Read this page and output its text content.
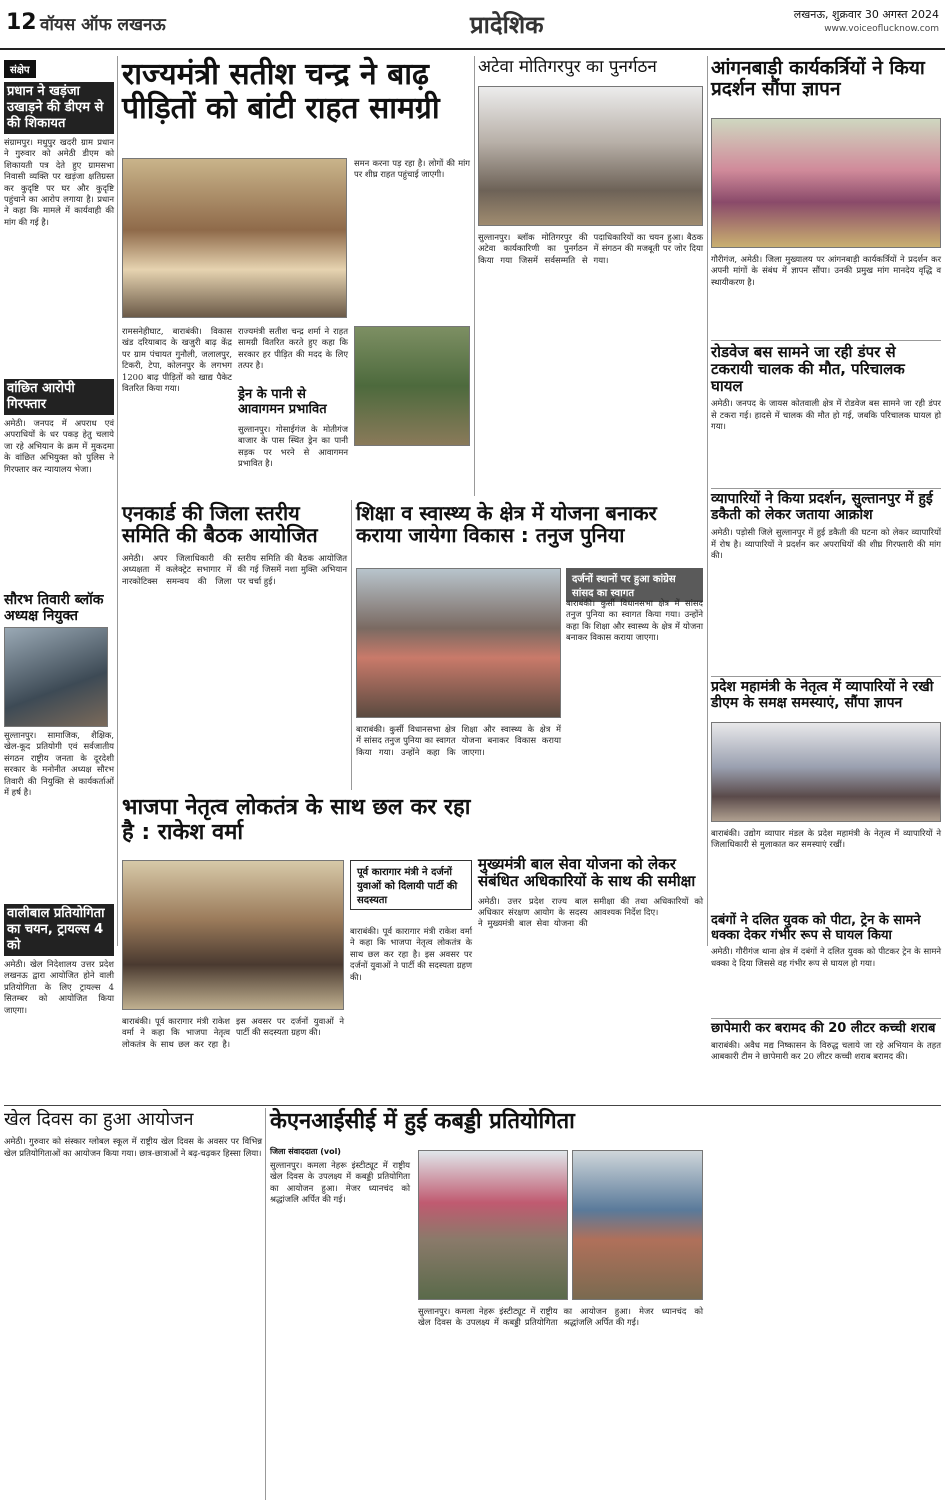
12 वॉयस ऑफ लखनऊ	प्रादेशिक	लखनऊ, शुक्रवार 30 अगस्त 2024
www.voiceoflucknow.com
संक्षेप
प्रधान ने खड़ंजा उखाड़ने की डीएम से की शिकायत
संग्रामपुर। मधुपुर खदरी ग्राम प्रधान ने गुरुवार को अमेठी डीएम को शिकायती पत्र देते हुए ग्रामसभा निवासी व्यक्ति पर खड़ंजा क्षतिग्रस्त कर कुदृष्टि पर घर और कुदृष्टि पहुंचाने का आरोप लगाया है। प्रधान ने कहा कि मामले में कार्यवाही की मांग की गई है।
वांछित आरोपी गिरफ्तार
अमेठी। जनपद में अपराध एवं अपराधियों के धर पकड़ हेतु चलाये जा रहे अभियान के क्रम में मुकदमा के वांछित अभियुक्त को पुलिस ने गिरफ्तार कर न्यायालय भेजा।
सौरभ तिवारी ब्लॉक अध्यक्ष नियुक्त
सुल्तानपुर। सामाजिक, शैक्षिक, खेल-कूद प्रतियोगी एवं सर्वजातीय संगठन राष्ट्रीय जनता के दूरदेशी सरकार के मनोनीत अध्यक्ष सौरभ तिवारी की नियुक्ति से कार्यकर्ताओं में हर्ष है।
वालीबाल प्रतियोगिता का चयन, ट्रायल्स 4 को
अमेठी। खेल निदेशालय उत्तर प्रदेश लखनऊ द्वारा आयोजित होने वाली प्रतियोगिता के लिए ट्रायल्स 4 सितम्बर को आयोजित किया जाएगा।
राज्यमंत्री सतीश चन्द्र ने बाढ़ पीड़ितों को बांटी राहत सामग्री
समन करना पड़ रहा है। लोगों की मांग पर शीघ्र राहत पहुंचाई जाएगी।
रामसनेहीघाट, बाराबंकी। विकास खंड दरियाबाद के खजुरी बाढ़ केंद्र पर ग्राम पंचायत गुनौली, जलालपुर, टिकरी, टेपा, कोलनपुर के लगभग 1200 बाढ़ पीड़ितों को खाद्य पैकेट वितरित किया गया।
राज्यमंत्री सतीश चन्द्र शर्मा ने राहत सामग्री वितरित करते हुए कहा कि सरकार हर पीड़ित की मदद के लिए तत्पर है।
ड्रेन के पानी से आवागमन प्रभावित
सुल्तानपुर। गोसाईगंज के मोतीगंज बाजार के पास स्थित ड्रेन का पानी सड़क पर भरने से आवागमन प्रभावित है।
अटेवा मोतिगरपुर का पुनर्गठन
सुल्तानपुर। ब्लॉक मोतिगरपुर की अटेवा कार्यकारिणी का पुनर्गठन किया गया जिसमें सर्वसम्मति से पदाधिकारियों का चयन हुआ। बैठक में संगठन की मजबूती पर जोर दिया गया।
आंगनबाड़ी कार्यकर्त्रियों ने किया प्रदर्शन सौंपा ज्ञापन
गौरीगंज, अमेठी। जिला मुख्यालय पर आंगनबाड़ी कार्यकर्त्रियों ने प्रदर्शन कर अपनी मांगों के संबंध में ज्ञापन सौंपा। उनकी प्रमुख मांग मानदेय वृद्धि व स्थायीकरण है।
रोडवेज बस सामने जा रही डंपर से टकरायी चालक की मौत, परिचालक घायल
अमेठी। जनपद के जायस कोतवाली क्षेत्र में रोडवेज बस सामने जा रही डंपर से टकरा गई। हादसे में चालक की मौत हो गई, जबकि परिचालक घायल हो गया।
व्यापारियों ने किया प्रदर्शन, सुल्तानपुर में हुई डकैती को लेकर जताया आक्रोश
अमेठी। पड़ोसी जिले सुल्तानपुर में हुई डकैती की घटना को लेकर व्यापारियों में रोष है। व्यापारियों ने प्रदर्शन कर अपराधियों की शीघ्र गिरफ्तारी की मांग की।
प्रदेश महामंत्री के नेतृत्व में व्यापारियों ने रखी डीएम के समक्ष समस्याएं, सौंपा ज्ञापन
बाराबंकी। उद्योग व्यापार मंडल के प्रदेश महामंत्री के नेतृत्व में व्यापारियों ने जिलाधिकारी से मुलाकात कर समस्याएं रखीं।
एनकार्ड की जिला स्तरीय समिति की बैठक आयोजित
अमेठी। अपर जिलाधिकारी की अध्यक्षता में कलेक्ट्रेट सभागार में नारकोटिक्स समन्वय की जिला स्तरीय समिति की बैठक आयोजित की गई जिसमें नशा मुक्ति अभियान पर चर्चा हुई।
शिक्षा व स्वास्थ्य के क्षेत्र में योजना बनाकर कराया जायेगा विकास : तनुज पुनिया
दर्जनों स्थानों पर हुआ कांग्रेस सांसद का स्वागत
बाराबंकी। कुर्सी विधानसभा क्षेत्र में सांसद तनुज पुनिया का स्वागत किया गया। उन्होंने कहा कि शिक्षा और स्वास्थ्य के क्षेत्र में योजना बनाकर विकास कराया जाएगा।
बाराबंकी। कुर्सी विधानसभा क्षेत्र में सांसद तनुज पुनिया का स्वागत किया गया। उन्होंने कहा कि शिक्षा और स्वास्थ्य के क्षेत्र में योजना बनाकर विकास कराया जाएगा।
भाजपा नेतृत्व लोकतंत्र के साथ छल कर रहा है : राकेश वर्मा
पूर्व कारागार मंत्री ने दर्जनों युवाओं को दिलायी पार्टी की सदस्यता
बाराबंकी। पूर्व कारागार मंत्री राकेश वर्मा ने कहा कि भाजपा नेतृत्व लोकतंत्र के साथ छल कर रहा है। इस अवसर पर दर्जनों युवाओं ने पार्टी की सदस्यता ग्रहण की।
बाराबंकी। पूर्व कारागार मंत्री राकेश वर्मा ने कहा कि भाजपा नेतृत्व लोकतंत्र के साथ छल कर रहा है। इस अवसर पर दर्जनों युवाओं ने पार्टी की सदस्यता ग्रहण की।
मुख्यमंत्री बाल सेवा योजना को लेकर संबंधित अधिकारियों के साथ की समीक्षा
अमेठी। उत्तर प्रदेश राज्य बाल अधिकार संरक्षण आयोग के सदस्य ने मुख्यमंत्री बाल सेवा योजना की समीक्षा की तथा अधिकारियों को आवश्यक निर्देश दिए।
खेल दिवस का हुआ आयोजन
अमेठी। गुरुवार को संस्कार ग्लोबल स्कूल में राष्ट्रीय खेल दिवस के अवसर पर विभिन्न खेल प्रतियोगिताओं का आयोजन किया गया। छात्र-छात्राओं ने बढ़-चढ़कर हिस्सा लिया।
केएनआईसीई में हुई कबड्डी प्रतियोगिता
जिला संवाददाता (vol)
सुल्तानपुर। कमला नेहरू इंस्टीट्यूट में राष्ट्रीय खेल दिवस के उपलक्ष्य में कबड्डी प्रतियोगिता का आयोजन हुआ। मेजर ध्यानचंद को श्रद्धांजलि अर्पित की गई।
सुल्तानपुर। कमला नेहरू इंस्टीट्यूट में राष्ट्रीय खेल दिवस के उपलक्ष्य में कबड्डी प्रतियोगिता का आयोजन हुआ। मेजर ध्यानचंद को श्रद्धांजलि अर्पित की गई।
दबंगों ने दलित युवक को पीटा, ट्रेन के सामने धक्का देकर गंभीर रूप से घायल किया
अमेठी। गौरीगंज थाना क्षेत्र में दबंगों ने दलित युवक को पीटकर ट्रेन के सामने धक्का दे दिया जिससे वह गंभीर रूप से घायल हो गया।
छापेमारी कर बरामद की 20 लीटर कच्ची शराब
बाराबंकी। अवैध मद्य निष्कासन के विरुद्ध चलाये जा रहे अभियान के तहत आबकारी टीम ने छापेमारी कर 20 लीटर कच्ची शराब बरामद की।
